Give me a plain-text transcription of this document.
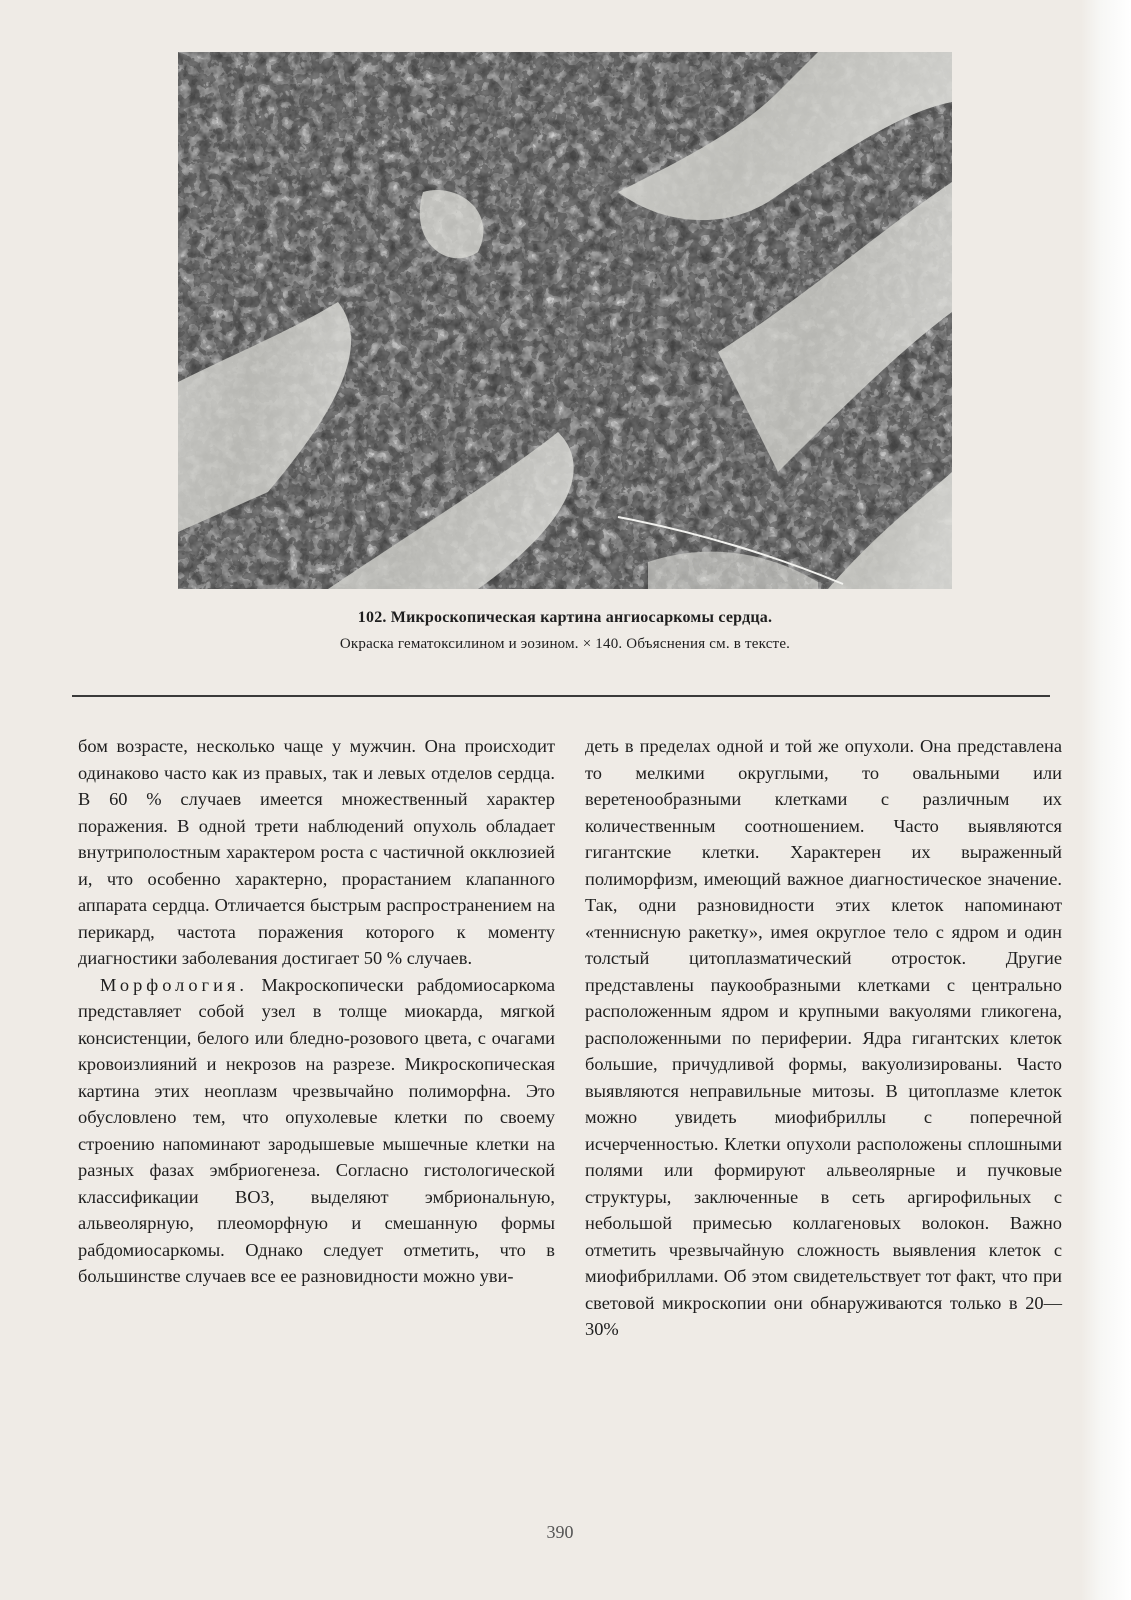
102. Микроскопическая картина ангиосаркомы сердца.
Окраска гематоксилином и эозином. × 140. Объяснения см. в тексте.

бом возрасте, несколько чаще у мужчин. Она происходит одинаково часто как из правых, так и левых отделов сердца. В 60 % случаев имеется множественный характер поражения. В одной трети наблюдений опухоль обладает внутриполостным характером роста с частичной окклюзией и, что особенно характерно, прорастанием клапанного аппарата сердца. Отличается быстрым распространением на перикард, частота поражения которого к моменту диагностики заболевания достигает 50 % случаев.

Морфология. Макроскопически рабдомиосаркома представляет собой узел в толще миокарда, мягкой консистенции, белого или бледно-розового цвета, с очагами кровоизлияний и некрозов на разрезе. Микроскопическая картина этих неоплазм чрезвычайно полиморфна. Это обусловлено тем, что опухолевые клетки по своему строению напоминают зародышевые мышечные клетки на разных фазах эмбриогенеза. Согласно гистологической классификации ВОЗ, выделяют эмбриональную, альвеолярную, плеоморфную и смешанную формы рабдомиосаркомы. Однако следует отметить, что в большинстве случаев все ее разновидности можно уви-

деть в пределах одной и той же опухоли. Она представлена то мелкими округлыми, то овальными или веретенообразными клетками с различным их количественным соотношением. Часто выявляются гигантские клетки. Характерен их выраженный полиморфизм, имеющий важное диагностическое значение. Так, одни разновидности этих клеток напоминают «теннисную ракетку», имея округлое тело с ядром и один толстый цитоплазматический отросток. Другие представлены паукообразными клетками с центрально расположенным ядром и крупными вакуолями гликогена, расположенными по периферии. Ядра гигантских клеток большие, причудливой формы, вакуолизированы. Часто выявляются неправильные митозы. В цитоплазме клеток можно увидеть миофибриллы с поперечной исчерченностью. Клетки опухоли расположены сплошными полями или формируют альвеолярные и пучковые структуры, заключенные в сеть аргирофильных с небольшой примесью коллагеновых волокон. Важно отметить чрезвычайную сложность выявления клеток с миофибриллами. Об этом свидетельствует тот факт, что при световой микроскопии они обнаруживаются только в 20—30%

390
